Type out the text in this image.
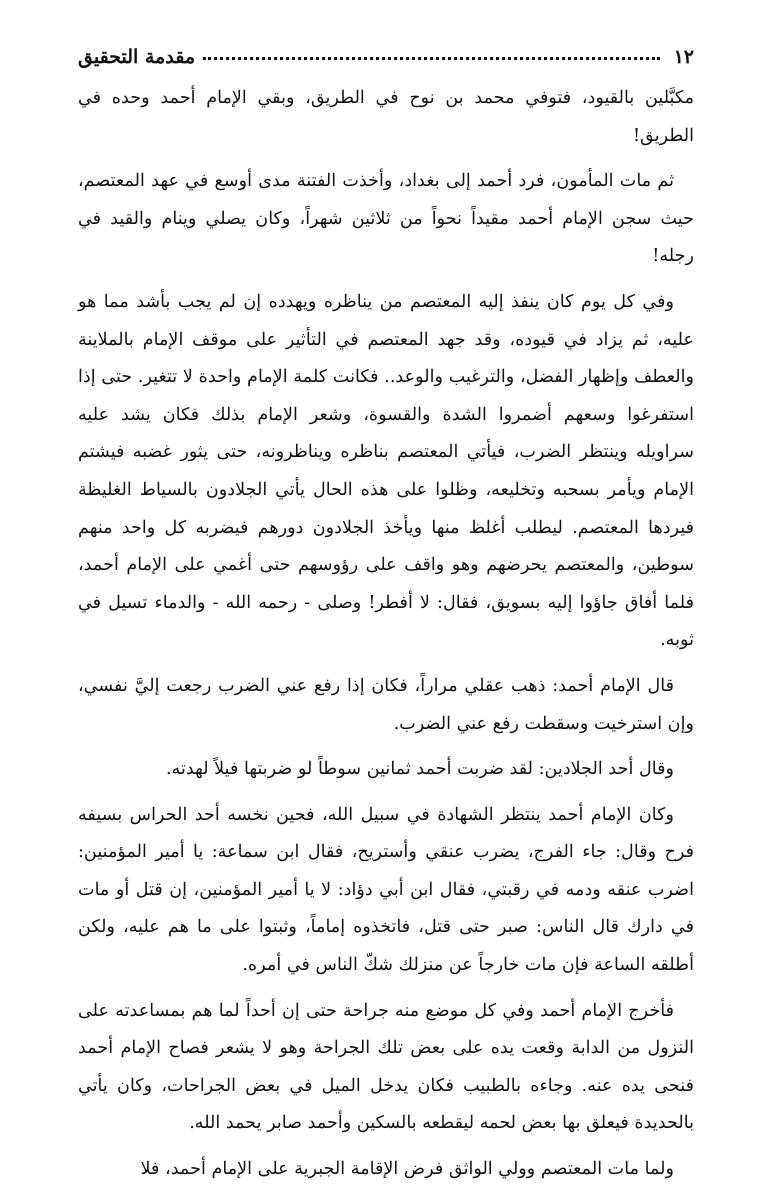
١٢
مقدمة التحقيق

مكبَّلين بالقيود، فتوفي محمد بن نوح في الطريق، وبقي الإمام أحمد وحده في الطريق!

ثم مات المأمون، فرد أحمد إلى بغداد، وأخذت الفتنة مدى أوسع في عهد المعتصم، حيث سجن الإمام أحمد مقيداً نحواً من ثلاثين شهراً، وكان يصلي وينام والقيد في رجله!

وفي كل يوم كان ينفذ إليه المعتصم من يناظره ويهدده إن لم يجب بأشد مما هو عليه، ثم يزاد في قيوده، وقد جهد المعتصم في التأثير على موقف الإمام بالملاينة والعطف وإظهار الفضل، والترغيب والوعد.. فكانت كلمة الإمام واحدة لا تتغير. حتى إذا استفرغوا وسعهم أضمروا الشدة والقسوة، وشعر الإمام بذلك فكان يشد عليه سراويله وينتظر الضرب، فيأتي المعتصم بناظره ويناظرونه، حتى يثور غضبه فيشتم الإمام ويأمر بسحبه وتخليعه، وظلوا على هذه الحال يأتي الجلادون بالسياط الغليظة فيردها المعتصم. ليطلب أغلظ منها ويأخذ الجلادون دورهم فيضربه كل واحد منهم سوطين، والمعتصم يحرضهم وهو واقف على رؤوسهم حتى أغمي على الإمام أحمد، فلما أفاق جاؤوا إليه بسويق، فقال: لا أفطر! وصلى - رحمه الله - والدماء تسيل في ثوبه.

قال الإمام أحمد: ذهب عقلي مراراً، فكان إذا رفع عني الضرب رجعت إليَّ نفسي، وإن استرخيت وسقطت رفع عني الضرب.

وقال أحد الجلادين: لقد ضربت أحمد ثمانين سوطاً لو ضربتها فيلاً لهدته.

وكان الإمام أحمد ينتظر الشهادة في سبيل الله، فحين نخسه أحد الحراس بسيفه فرح وقال: جاء الفرج، يضرب عنقي وأستريح، فقال ابن سماعة: يا أمير المؤمنين: اضرب عنقه ودمه في رقبتي، فقال ابن أبي دؤاد: لا يا أمير المؤمنين، إن قتل أو مات في دارك قال الناس: صبر حتى قتل، فاتخذوه إماماً، وثبتوا على ما هم عليه، ولكن أطلقه الساعة فإن مات خارجاً عن منزلك شكّ الناس في أمره.

فأخرج الإمام أحمد وفي كل موضع منه جراحة حتى إن أحداً لما هم بمساعدته على النزول من الدابة وقعت يده على بعض تلك الجراحة وهو لا يشعر فصاح الإمام أحمد فنحى يده عنه. وجاءه بالطبيب فكان يدخل الميل في بعض الجراحات، وكان يأتي بالحديدة فيعلق بها بعض لحمه ليقطعه بالسكين وأحمد صابر يحمد الله.

ولما مات المعتصم وولي الواثق فرض الإقامة الجبرية على الإمام أحمد، فلا
